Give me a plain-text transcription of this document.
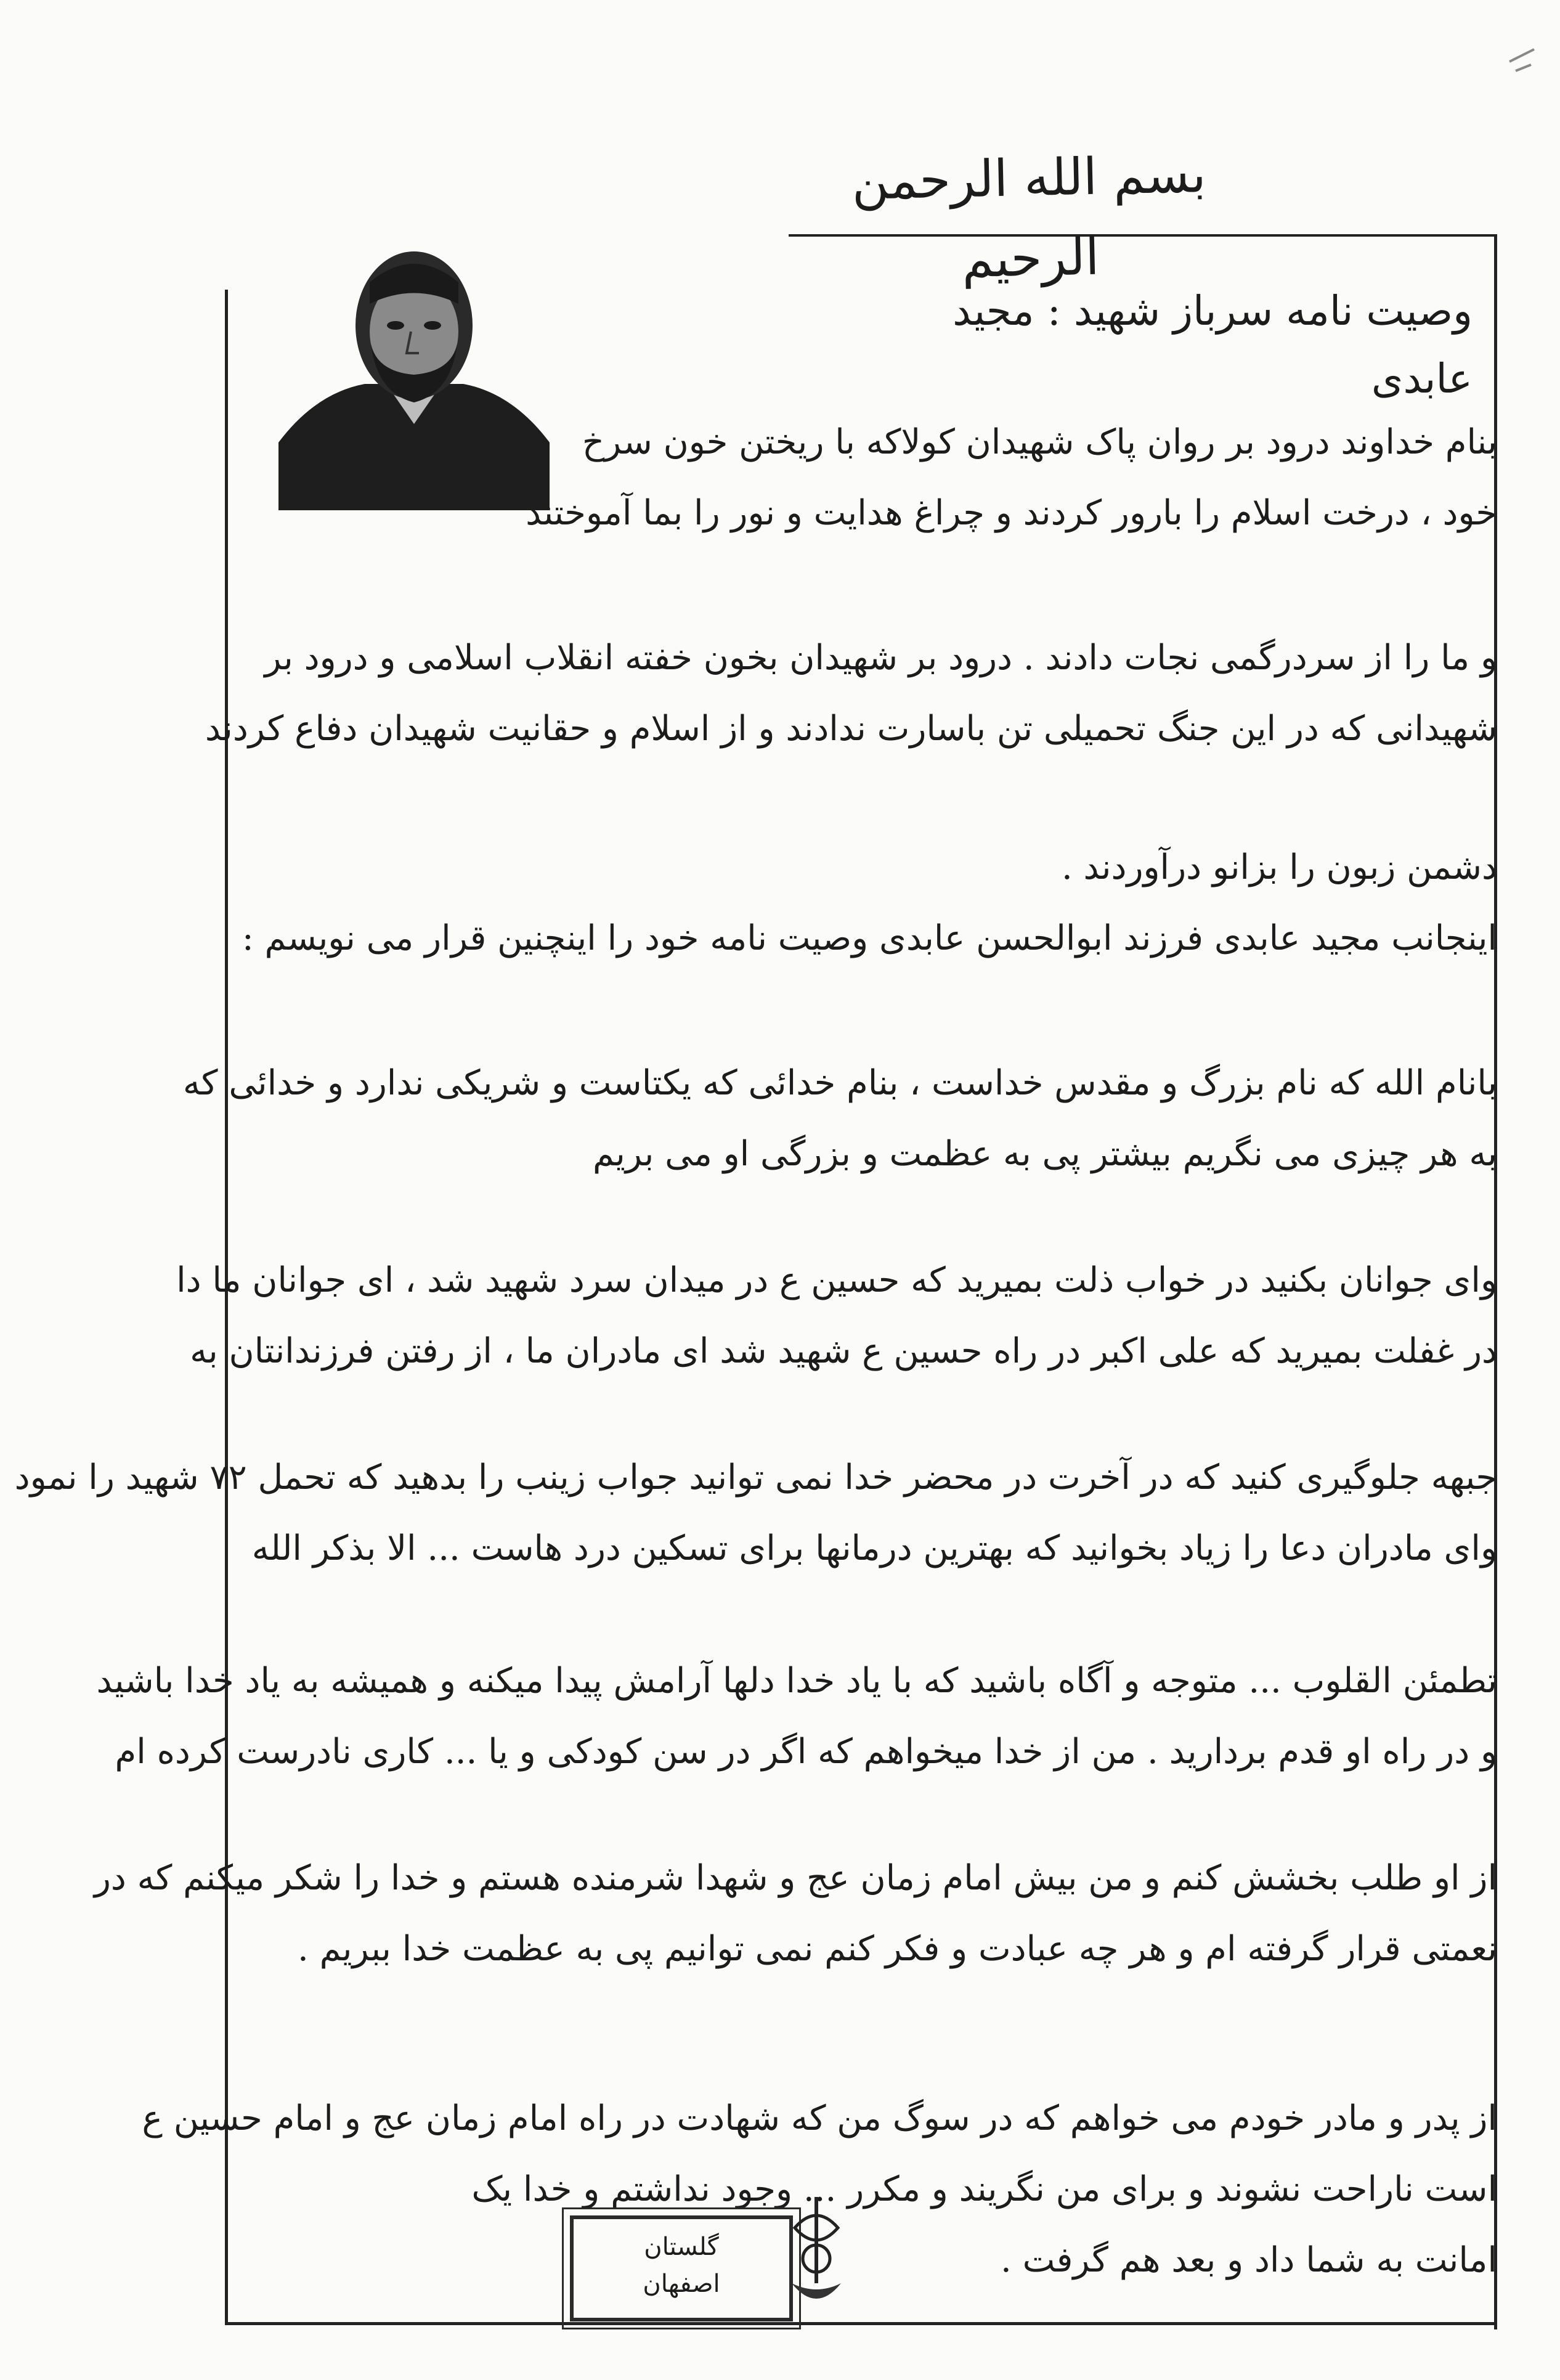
بسم الله الرحمن الرحیم
وصیت نامه سرباز شهید : مجید عابدی
بنام خداوند درود بر روان پاک شهیدان کولاکه با ریختن خون سرخ
خود ، درخت اسلام را بارور کردند و چراغ هدایت و نور را بما آموختند
و ما را از سردرگمی نجات دادند . درود بر شهیدان بخون خفته انقلاب اسلامی و درود بر
شهیدانی که در این جنگ تحمیلی تن باسارت ندادند و از اسلام و حقانیت شهیدان دفاع کردند
دشمن زبون را بزانو درآوردند .
اینجانب مجید عابدی فرزند ابوالحسن عابدی وصیت نامه خود را اینچنین قرار می نویسم :
بانام الله که نام بزرگ و مقدس خداست ، بنام خدائی که یکتاست و شریکی ندارد و خدائی که
به هر چیزی می نگریم بیشتر پی به عظمت و بزرگی او می بریم
وای جوانان بکنید در خواب ذلت بمیرید که حسین ع در میدان سرد شهید شد ، ای جوانان ما دا
در غفلت بمیرید که علی اکبر در راه حسین ع شهید شد ای مادران ما ، از رفتن فرزندانتان به
جبهه جلوگیری کنید که در آخرت در محضر خدا نمی توانید جواب زینب را بدهید که تحمل ۷۲ شهید را نمود
وای مادران دعا را زیاد بخوانید که بهترین درمانها برای تسکین درد هاست ... الا بذکر الله
تطمئن القلوب ... متوجه و آگاه باشید که با یاد خدا دلها آرامش پیدا میکنه و همیشه به یاد خدا باشید
و در راه او قدم بردارید . من از خدا میخواهم که اگر در سن کودکی و یا ... کاری نادرست کرده ام
از او طلب بخشش کنم و من بیش امام زمان عج و شهدا شرمنده هستم و خدا را شکر میکنم که در
نعمتی قرار گرفته ام و هر چه عبادت و فکر کنم نمی توانیم پی به عظمت خدا ببریم .
از پدر و مادر خودم می خواهم که در سوگ من که شهادت در راه امام زمان عج و امام حسین ع
است ناراحت نشوند و برای من نگریند و مکرر ... وجود نداشتم و خدا یک
امانت به شما داد و بعد هم گرفت .
گلستان
اصفهان
